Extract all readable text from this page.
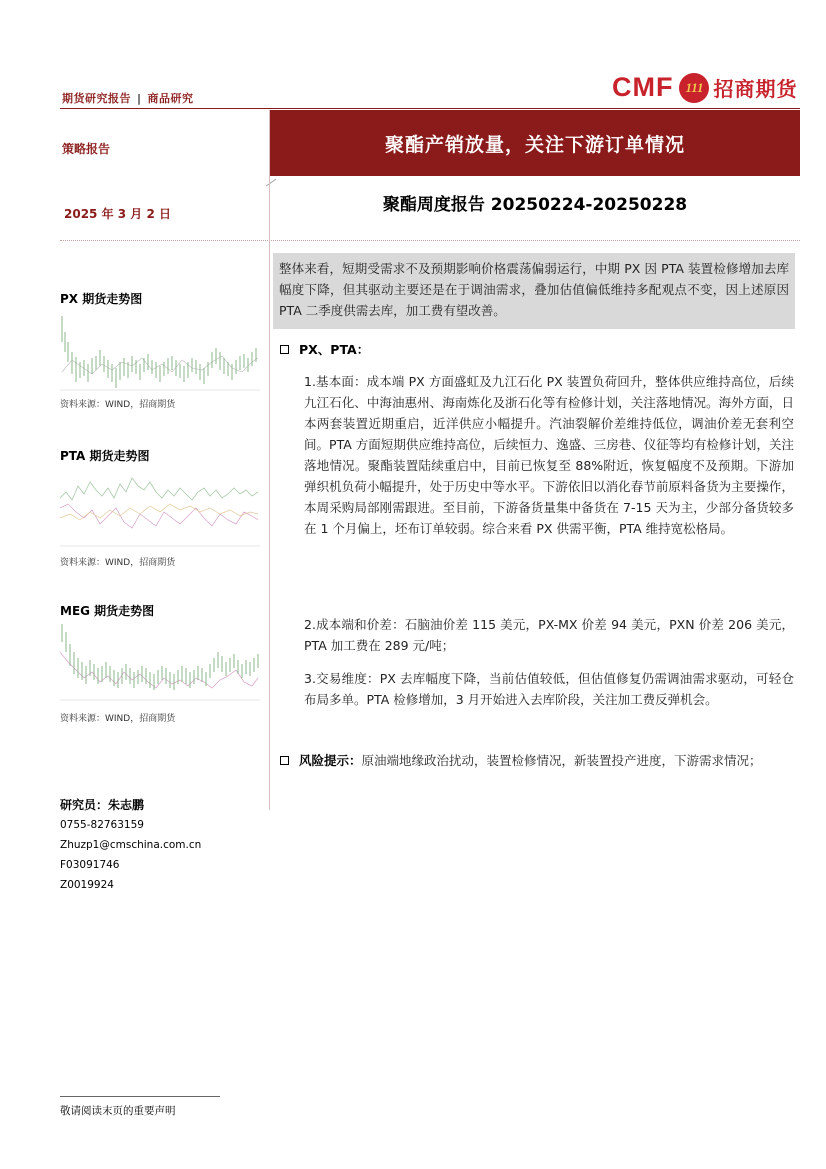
期货研究报告 | 商品研究	CMF 111 招商期货
策略报告	聚酯产销放量，关注下游订单情况
2025 年 3 月 2 日	聚酯周度报告 20250224-20250228
整体来看，短期受需求不及预期影响价格震荡偏弱运行，中期 PX 因 PTA 装置检修增加去库幅度下降，但其驱动主要还是在于调油需求，叠加估值偏低维持多配观点不变，因上述原因PTA 二季度供需去库，加工费有望改善。
PX 期货走势图
资料来源：WIND，招商期货
PTA 期货走势图
资料来源：WIND，招商期货
MEG 期货走势图
资料来源：WIND，招商期货
研究员：朱志鹏
0755-82763159
Zhuzp1@cmschina.com.cn
F03091746
Z0019924
PX、PTA：
1.基本面：成本端 PX 方面盛虹及九江石化 PX 装置负荷回升，整体供应维持高位，后续九江石化、中海油惠州、海南炼化及浙石化等有检修计划，关注落地情况。海外方面，日本两套装置近期重启，近洋供应小幅提升。汽油裂解价差维持低位，调油价差无套利空间。PTA 方面短期供应维持高位，后续恒力、逸盛、三房巷、仪征等均有检修计划，关注落地情况。聚酯装置陆续重启中，目前已恢复至 88%附近，恢复幅度不及预期。下游加弹织机负荷小幅提升，处于历史中等水平。下游依旧以消化春节前原料备货为主要操作，本周采购局部刚需跟进。至目前，下游备货量集中备货在 7-15 天为主，少部分备货较多在 1 个月偏上，坯布订单较弱。综合来看 PX 供需平衡，PTA 维持宽松格局。
2.成本端和价差：石脑油价差 115 美元，PX-MX 价差 94 美元，PXN 价差 206 美元，PTA 加工费在 289 元/吨；
3.交易维度：PX 去库幅度下降，当前估值较低，但估值修复仍需调油需求驱动，可轻仓布局多单。PTA 检修增加，3 月开始进入去库阶段，关注加工费反弹机会。
风险提示：原油端地缘政治扰动，装置检修情况，新装置投产进度，下游需求情况；
敬请阅读末页的重要声明
